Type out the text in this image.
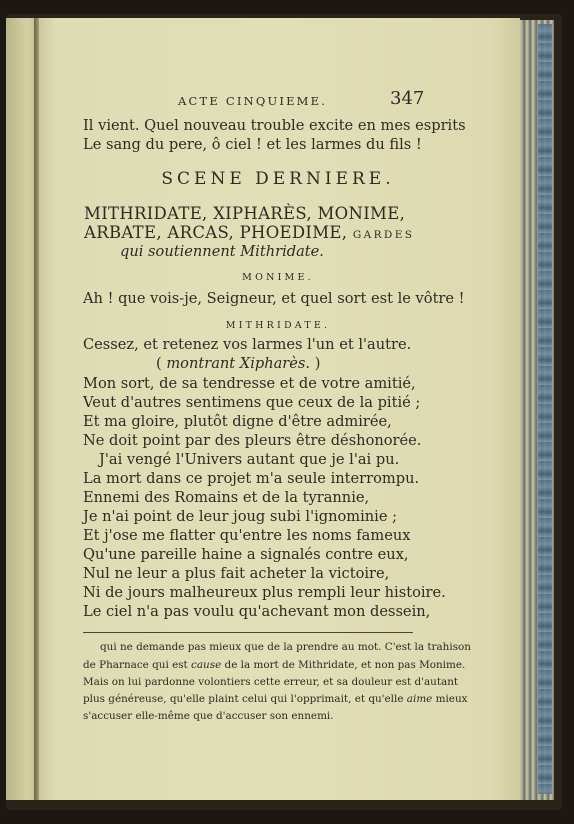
ACTE CINQUIEME.	347
Il vient. Quel nouveau trouble excite en mes esprits
Le sang du pere, ô ciel ! et les larmes du fils !
SCENE DERNIERE.
MITHRIDATE, XIPHARÈS, MONIME,
ARBATE, ARCAS, PHOEDIME, GARDES
qui soutiennent Mithridate.
MONIME.
Ah ! que vois-je, Seigneur, et quel sort est le vôtre !
MITHRIDATE.
Cessez, et retenez vos larmes l'un et l'autre.
( montrant Xipharès. )
Mon sort, de sa tendresse et de votre amitié,
Veut d'autres sentimens que ceux de la pitié ;
Et ma gloire, plutôt digne d'être admirée,
Ne doit point par des pleurs être déshonorée.
J'ai vengé l'Univers autant que je l'ai pu.
La mort dans ce projet m'a seule interrompu.
Ennemi des Romains et de la tyrannie,
Je n'ai point de leur joug subi l'ignominie ;
Et j'ose me flatter qu'entre les noms fameux
Qu'une pareille haine a signalés contre eux,
Nul ne leur a plus fait acheter la victoire,
Ni de jours malheureux plus rempli leur histoire.
Le ciel n'a pas voulu qu'achevant mon dessein,
qui ne demande pas mieux que de la prendre au mot. C'est la trahison
de Pharnace qui est cause de la mort de Mithridate, et non pas Monime.
Mais on lui pardonne volontiers cette erreur, et sa douleur est d'autant
plus généreuse, qu'elle plaint celui qui l'opprimait, et qu'elle aime mieux
s'accuser elle-même que d'accuser son ennemi.
